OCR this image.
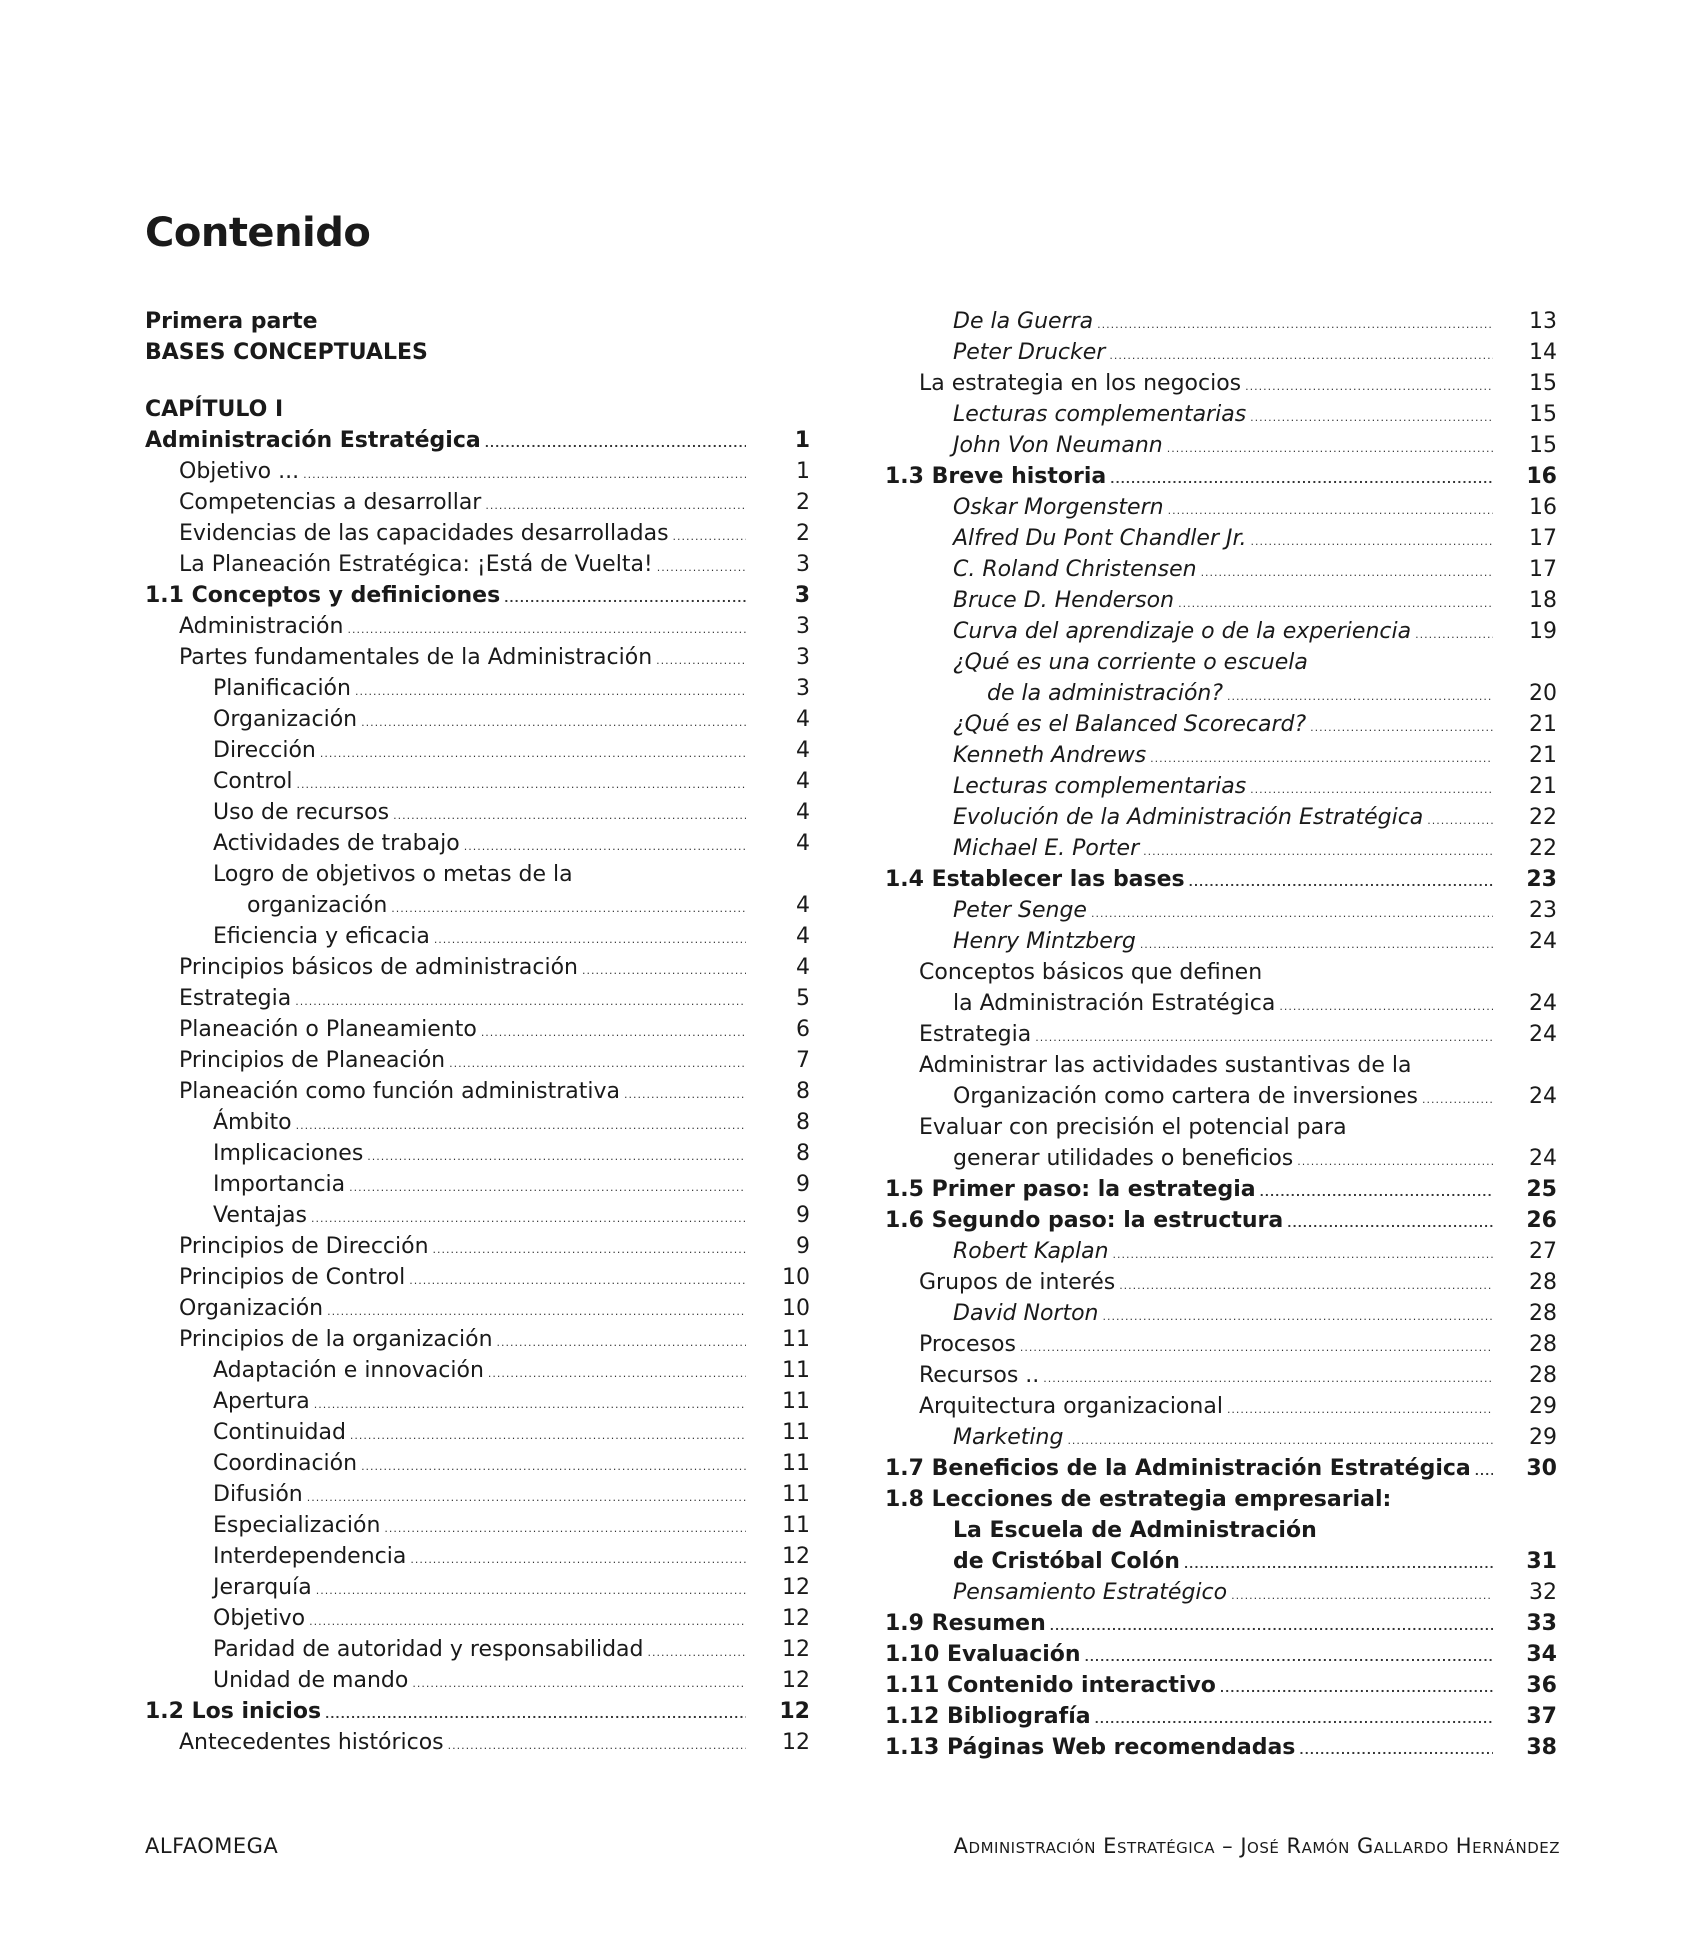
Contenido
Primera parte
BASES CONCEPTUALES
CAPÍTULO I
Administración Estratégica .....	1
Objetivo ... .....	1
Competencias a desarrollar .....	2
Evidencias de las capacidades desarrolladas .....	2
La Planeación Estratégica: ¡Está de Vuelta! .....	3
1.1 Conceptos y definiciones .....	3
Administración .....	3
Partes fundamentales de la Administración .....	3
Planificación .....	3
Organización .....	4
Dirección .....	4
Control .....	4
Uso de recursos .....	4
Actividades de trabajo .....	4
Logro de objetivos o metas de la
organización .....	4
Eficiencia y eficacia .....	4
Principios básicos de administración .....	4
Estrategia .....	5
Planeación o Planeamiento .....	6
Principios de Planeación .....	7
Planeación como función administrativa .....	8
Ámbito .....	8
Implicaciones .....	8
Importancia .....	9
Ventajas .....	9
Principios de Dirección .....	9
Principios de Control .....	10
Organización .....	10
Principios de la organización .....	11
Adaptación e innovación .....	11
Apertura .....	11
Continuidad .....	11
Coordinación .....	11
Difusión .....	11
Especialización .....	11
Interdependencia .....	12
Jerarquía .....	12
Objetivo .....	12
Paridad de autoridad y responsabilidad .....	12
Unidad de mando .....	12
1.2 Los inicios .....	12
Antecedentes históricos .....	12
De la Guerra .....	13
Peter Drucker .....	14
La estrategia en los negocios .....	15
Lecturas complementarias .....	15
John Von Neumann .....	15
1.3 Breve historia .....	16
Oskar Morgenstern .....	16
Alfred Du Pont Chandler Jr. .....	17
C. Roland Christensen .....	17
Bruce D. Henderson .....	18
Curva del aprendizaje o de la experiencia .....	19
¿Qué es una corriente o escuela
de la administración? .....	20
¿Qué es el Balanced Scorecard? .....	21
Kenneth Andrews .....	21
Lecturas complementarias .....	21
Evolución de la Administración Estratégica .....	22
Michael E. Porter .....	22
1.4 Establecer las bases .....	23
Peter Senge .....	23
Henry Mintzberg .....	24
Conceptos básicos que definen
la Administración Estratégica .....	24
Estrategia .....	24
Administrar las actividades sustantivas de la
Organización como cartera de inversiones .....	24
Evaluar con precisión el potencial para
generar utilidades o beneficios .....	24
1.5 Primer paso: la estrategia .....	25
1.6 Segundo paso: la estructura .....	26
Robert Kaplan .....	27
Grupos de interés .....	28
David Norton .....	28
Procesos .....	28
Recursos .. .....	28
Arquitectura organizacional .....	29
Marketing .....	29
1.7 Beneficios de la Administración Estratégica .....	30
1.8 Lecciones de estrategia empresarial:
La Escuela de Administración
de Cristóbal Colón .....	31
Pensamiento Estratégico .....	32
1.9 Resumen .....	33
1.10 Evaluación .....	34
1.11 Contenido interactivo .....	36
1.12 Bibliografía .....	37
1.13 Páginas Web recomendadas .....	38
ALFAOMEGA	Administración Estratégica – José Ramón Gallardo Hernández
